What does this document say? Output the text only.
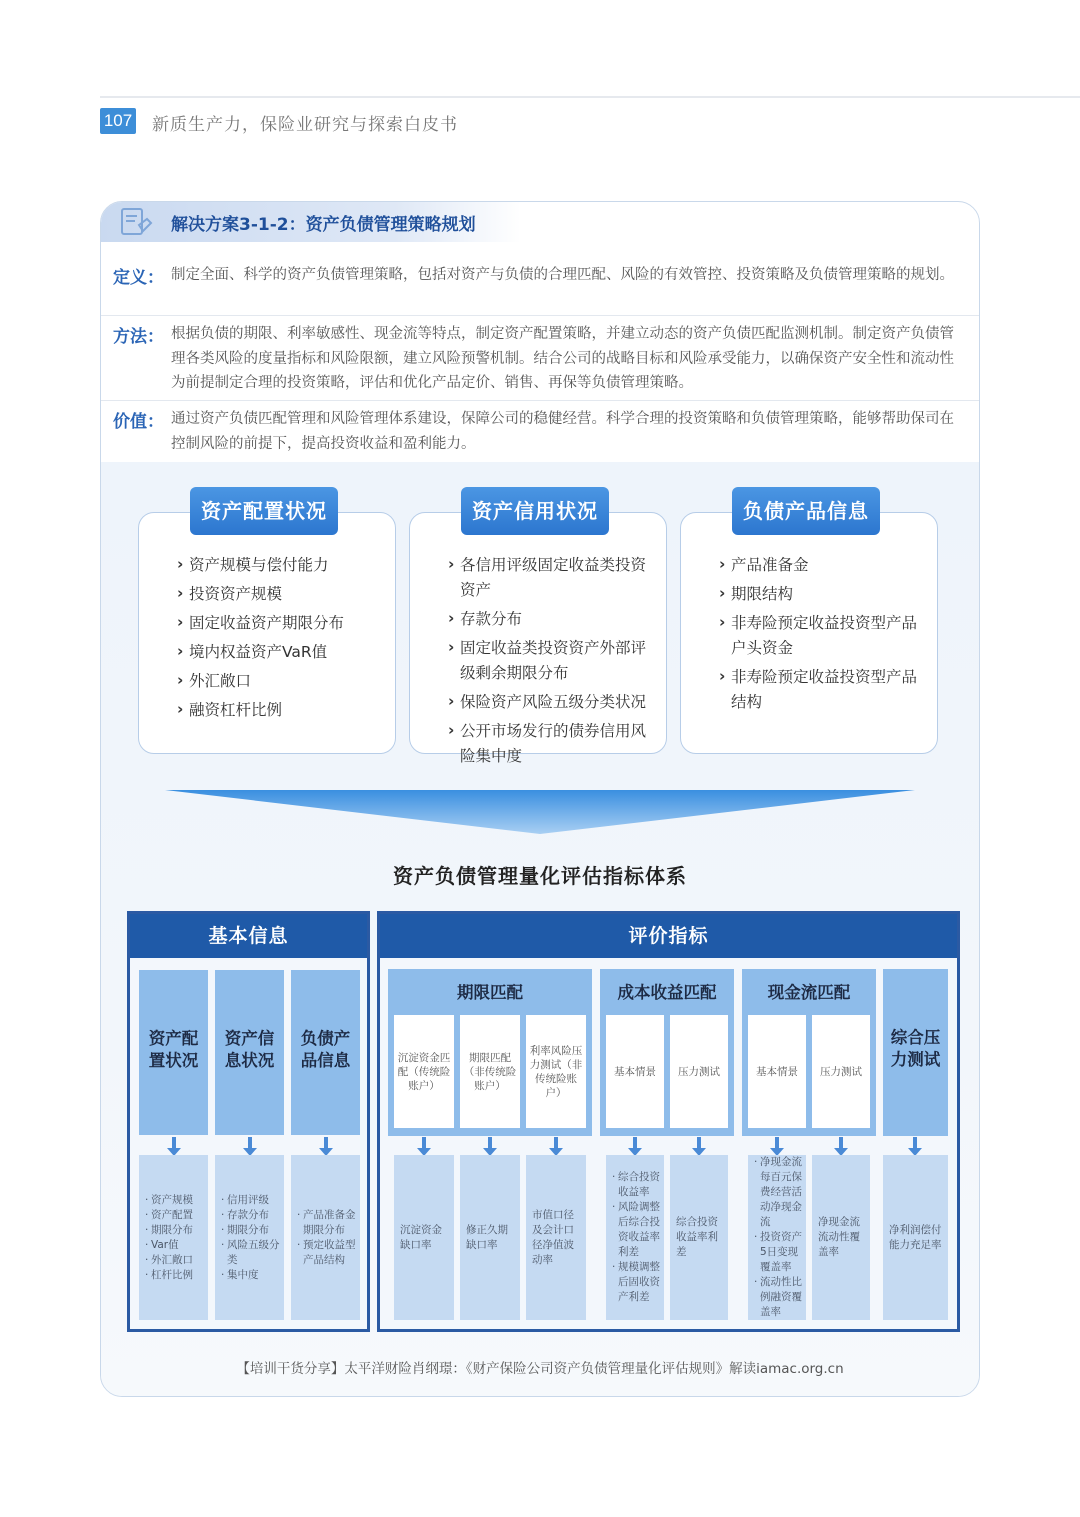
107 新质生产力，保险业研究与探索白皮书
解决方案3-1-2：资产负债管理策略规划
定义： 制定全面、科学的资产负债管理策略，包括对资产与负债的合理匹配、风险的有效管控、投资策略及负债管理策略的规划。
方法： 根据负债的期限、利率敏感性、现金流等特点，制定资产配置策略，并建立动态的资产负债匹配监测机制。制定资产负债管理各类风险的度量指标和风险限额，建立风险预警机制。结合公司的战略目标和风险承受能力，以确保资产安全性和流动性为前提制定合理的投资策略，评估和优化产品定价、销售、再保等负债管理策略。
价值： 通过资产负债匹配管理和风险管理体系建设，保障公司的稳健经营。科学合理的投资策略和负债管理策略，能够帮助保司在控制风险的前提下，提高投资收益和盈利能力。
› 资产规模与偿付能力
› 投资资产规模
› 固定收益资产期限分布
› 境内权益资产VaR值
› 外汇敞口
› 融资杠杆比例
资产配置状况
› 各信用评级固定收益类投资资产
› 存款分布
› 固定收益类投资资产外部评级剩余期限分布
› 保险资产风险五级分类状况
› 公开市场发行的债券信用风险集中度
资产信用状况
› 产品准备金
› 期限结构
› 非寿险预定收益投资型产品户头资金
› 非寿险预定收益投资型产品结构
负债产品信息
资产负债管理量化评估指标体系
基本信息
资产配置状况
资产信息状况
负债产品信息
· 资产规模
· 资产配置
· 期限分布
· Var值
· 外汇敞口
· 杠杆比例
· 信用评级
· 存款分布
· 期限分布
· 风险五级分类
· 集中度
· 产品准备金期限分布
· 预定收益型产品结构
评价指标
期限匹配
沉淀资金匹配（传统险账户）
期限匹配（非传统险账户）
利率风险压力测试（非传统险账户）
成本收益匹配
基本情景	压力测试
现金流匹配
基本情景	压力测试
综合压力测试
沉淀资金缺口率
修正久期缺口率
市值口径及会计口径净值波动率
· 综合投资收益率
· 风险调整后综合投资收益率利差
· 规模调整后固收资产利差
综合投资收益率利差
· 净现金流每百元保费经营活动净现金流
· 投资资产5日变现覆盖率
· 流动性比例融资覆盖率
净现金流流动性覆盖率
净利润偿付能力充足率
【培训干货分享】太平洋财险肖纲璟：《财产保险公司资产负债管理量化评估规则》解读iamac.org.cn
